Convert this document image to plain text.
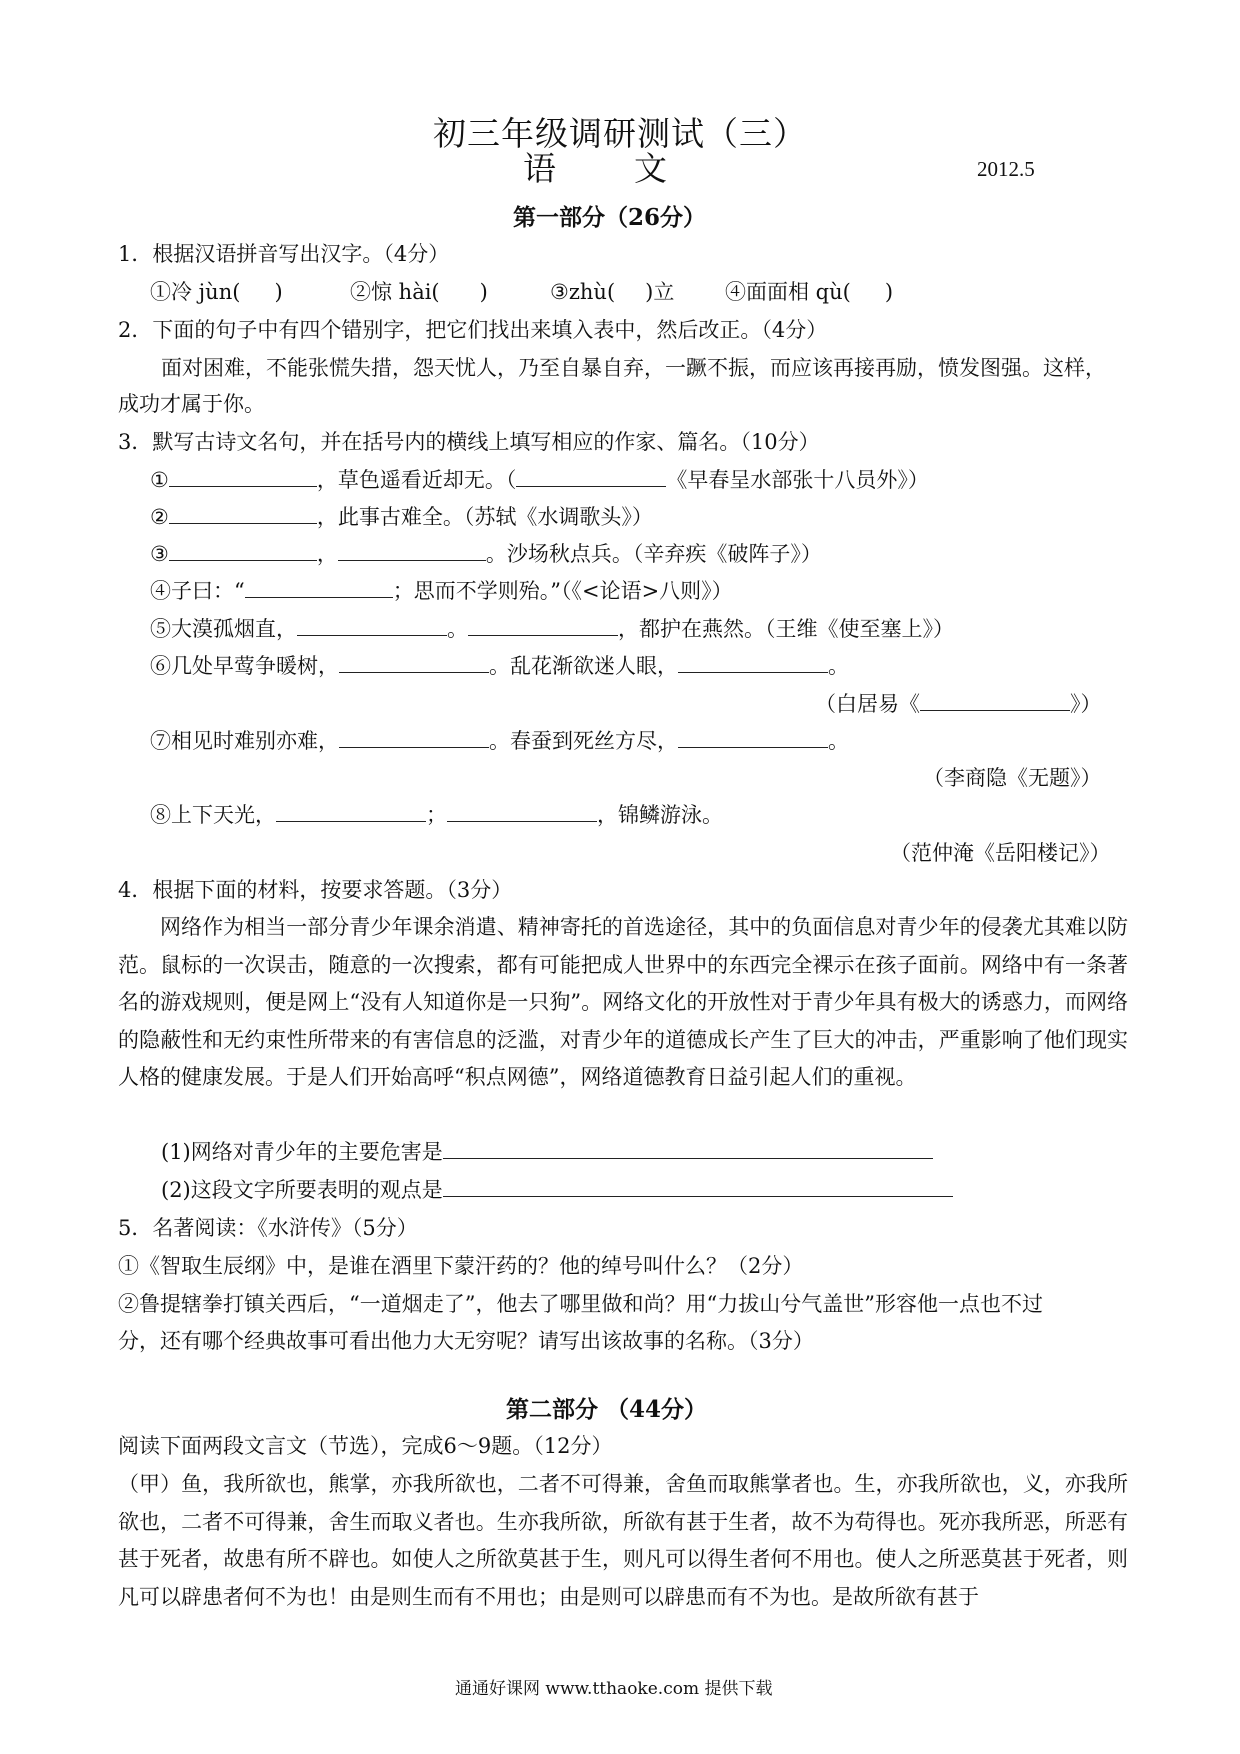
初三年级调研测试（三）
语 文	2012.5
第一部分（26分）
1．根据汉语拼音写出汉字。（4分）
①冷 jùn( )	②惊 hài( )	③zhù( )立 ④面面相 qù( )
2．下面的句子中有四个错别字，把它们找出来填入表中，然后改正。（4分）
面对困难，不能张慌失措，怨天忧人，乃至自暴自弃，一蹶不振，而应该再接再励，愤发图强。这样，
成功才属于你。
3．默写古诗文名句，并在括号内的横线上填写相应的作家、篇名。（10分）
①	，草色遥看近却无。（	《早春呈水部张十八员外》）
②	，此事古难全。（苏轼《水调歌头》）
③	，	。沙场秋点兵。（辛弃疾《破阵子》）
④子曰：“	；思而不学则殆。”（《<论语>八则》）
⑤大漠孤烟直，	。	，都护在燕然。（王维《使至塞上》）
⑥几处早莺争暖树，	。乱花渐欲迷人眼，	。
（白居易《	》）
⑦相见时难别亦难，	。春蚕到死丝方尽，	。
（李商隐《无题》）
⑧上下天光，	；	，锦鳞游泳。
（范仲淹《岳阳楼记》）
4．根据下面的材料，按要求答题。（3分）
网络作为相当一部分青少年课余消遣、精神寄托的首选途径，其中的负面信息对青少年的侵袭尤其难以防范。鼠标的一次误击，随意的一次搜索，都有可能把成人世界中的东西完全裸示在孩子面前。网络中有一条著名的游戏规则，便是网上“没有人知道你是一只狗”。网络文化的开放性对于青少年具有极大的诱惑力，而网络的隐蔽性和无约束性所带来的有害信息的泛滥，对青少年的道德成长产生了巨大的冲击，严重影响了他们现实人格的健康发展。于是人们开始高呼“积点网德”，网络道德教育日益引起人们的重视。
(1)网络对青少年的主要危害是
(2)这段文字所要表明的观点是
5．名著阅读：《水浒传》（5分）
①《智取生辰纲》中，是谁在酒里下蒙汗药的？他的绰号叫什么？（2分）
②鲁提辖拳打镇关西后，“一道烟走了”，他去了哪里做和尚？用“力拔山兮气盖世”形容他一点也不过
分，还有哪个经典故事可看出他力大无穷呢？请写出该故事的名称。（3分）
第二部分 （44分）
阅读下面两段文言文（节选），完成6～9题。（12分）
（甲）鱼，我所欲也，熊掌，亦我所欲也，二者不可得兼，舍鱼而取熊掌者也。生，亦我所欲也，义，亦我所欲也，二者不可得兼，舍生而取义者也。生亦我所欲，所欲有甚于生者，故不为苟得也。死亦我所恶，所恶有甚于死者，故患有所不辟也。如使人之所欲莫甚于生，则凡可以得生者何不用也。使人之所恶莫甚于死者，则凡可以辟患者何不为也！由是则生而有不用也；由是则可以辟患而有不为也。是故所欲有甚于
通通好课网 www.tthaoke.com 提供下载
